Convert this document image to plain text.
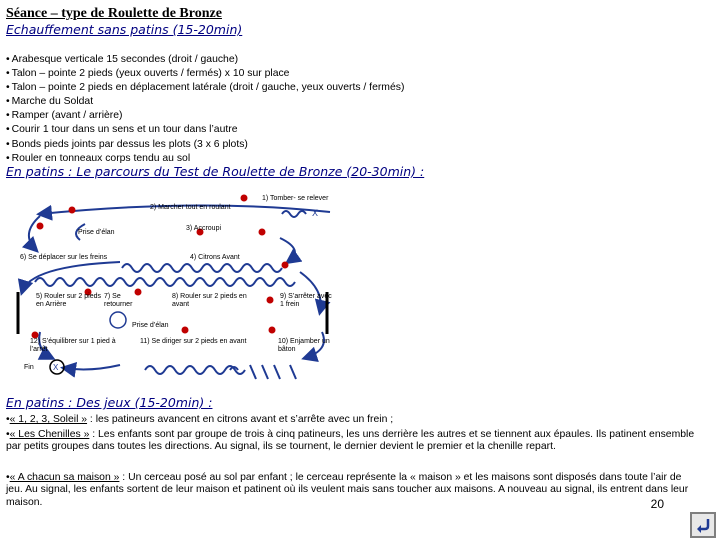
Séance – type de Roulette de Bronze
Echauffement sans patins (15-20min)
• Arabesque verticale 15 secondes (droit / gauche)
• Talon – pointe 2 pieds (yeux ouverts / fermés) x 10 sur place
• Talon – pointe 2 pieds en déplacement latérale (droit / gauche, yeux ouverts / fermés)
• Marche du Soldat
• Ramper (avant / arrière)
• Courir 1 tour dans un sens et un tour dans l’autre
• Bonds pieds joints par dessus les plots (3 x 6 plots)
• Rouler en tonneaux corps tendu au sol
En patins : Le parcours du Test de Roulette de Bronze (20-30min) :
X
X
1) Tomber- se relever
2) Marcher tout en roulant
3) Accroupi
Prise d’élan
6) Se déplacer sur les freins	4) Citrons Avant
5) Rouler sur 2 pieds en Arrière
7) Se retourner
8) Rouler sur 2 pieds en avant
9) S’arrêter avec 1 frein
Prise d’élan
12) S’équilibrer sur 1 pied à l’arrêt
11) Se diriger sur 2 pieds en avant	10) Enjamber un bâton
Fin
En patins : Des jeux (15-20min) :
•« 1, 2, 3, Soleil » : les patineurs avancent en citrons avant et s’arrête avec un frein ;
•« Les Chenilles » : Les enfants sont par groupe de trois à cinq patineurs, les uns derrière les autres et se tiennent aux épaules. Ils patinent ensemble par petits groupes dans toutes les directions. Au signal, ils se tournent, le dernier devient le premier et la chenille repart.
•« A chacun sa maison » : Un cerceau posé au sol par enfant ; le cerceau représente la « maison » et les maisons sont disposés dans toute l’air de jeu. Au signal, les enfants sortent de leur maison et patinent où ils veulent mais sans toucher aux maisons. A nouveau au signal, ils entrent dans leur maison.	20
